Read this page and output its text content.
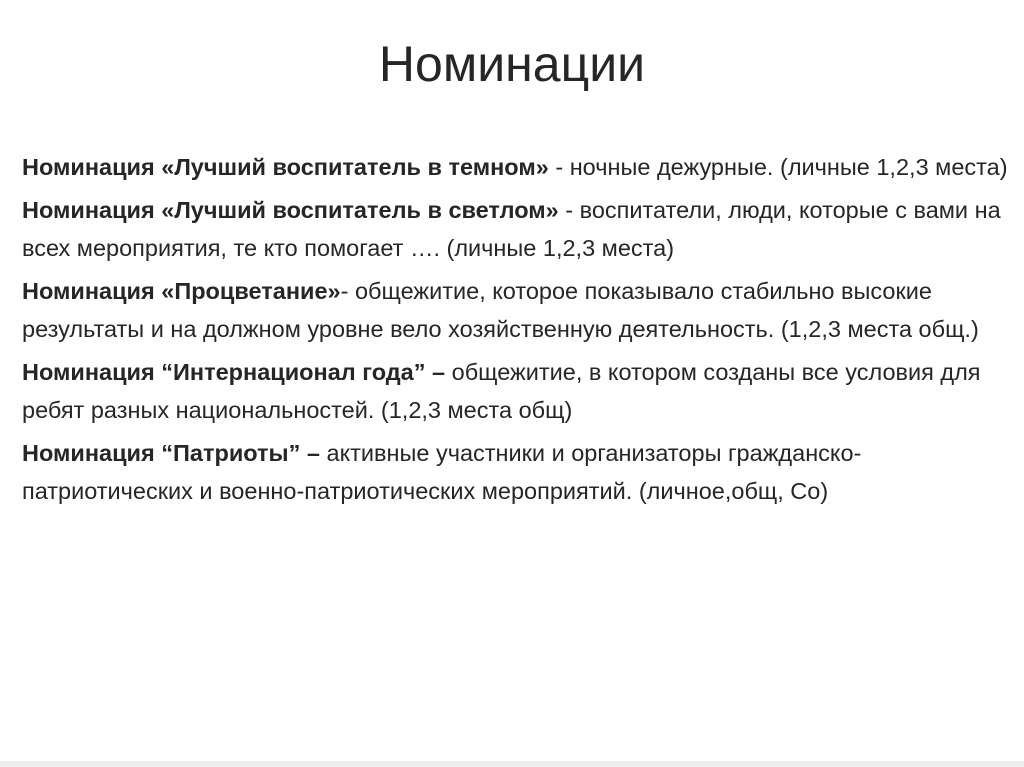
Номинации
Номинация «Лучший воспитатель в темном» - ночные дежурные. (личные 1,2,3 места)
Номинация «Лучший воспитатель в светлом» - воспитатели, люди, которые с вами на всех мероприятия, те кто помогает …. (личные 1,2,3 места)
Номинация «Процветание»- общежитие, которое показывало стабильно высокие результаты и на должном уровне вело хозяйственную деятельность. (1,2,3 места общ.)
Номинация “Интернационал года” – общежитие, в котором созданы все условия для ребят разных национальностей. (1,2,3 места общ)
Номинация “Патриоты” – активные участники и организаторы гражданско-патриотических и военно-патриотических мероприятий. (личное,общ, Со)
